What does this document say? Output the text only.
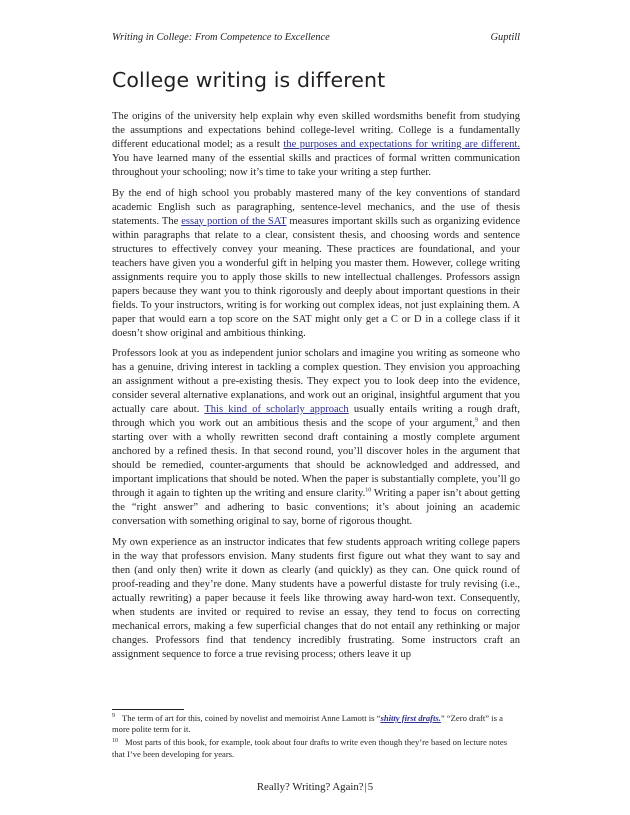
Writing in College: From Competence to Excellence	Guptill
College writing is different

The origins of the university help explain why even skilled wordsmiths benefit from studying the assumptions and expectations behind college-level writing. College is a fundamentally different educational model; as a result the purposes and expectations for writing are different. You have learned many of the essential skills and practices of formal written communication throughout your schooling; now it’s time to take your writing a step further.

By the end of high school you probably mastered many of the key conventions of standard academic English such as paragraphing, sentence-level mechanics, and the use of thesis statements. The essay portion of the SAT measures important skills such as organizing evidence within paragraphs that relate to a clear, consistent thesis, and choosing words and sentence structures to effectively convey your meaning. These practices are foundational, and your teachers have given you a wonderful gift in helping you master them. However, college writing assignments require you to apply those skills to new intellectual challenges. Professors assign papers because they want you to think rigorously and deeply about important questions in their fields. To your instructors, writing is for working out complex ideas, not just explaining them. A paper that would earn a top score on the SAT might only get a C or D in a college class if it doesn’t show original and ambitious thinking.

Professors look at you as independent junior scholars and imagine you writing as someone who has a genuine, driving interest in tackling a complex question. They envision you approaching an assignment without a pre-existing thesis. They expect you to look deep into the evidence, consider several alternative explanations, and work out an original, insightful argument that you actually care about. This kind of scholarly approach usually entails writing a rough draft, through which you work out an ambitious thesis and the scope of your argument,$^9$ and then starting over with a wholly rewritten second draft containing a mostly complete argument anchored by a refined thesis. In that second round, you’ll discover holes in the argument that should be remedied, counter-arguments that should be acknowledged and addressed, and important implications that should be noted. When the paper is substantially complete, you’ll go through it again to tighten up the writing and ensure clarity.$^{10}$ Writing a paper isn’t about getting the “right answer” and adhering to basic conventions; it’s about joining an academic conversation with something original to say, borne of rigorous thought.

My own experience as an instructor indicates that few students approach writing college papers in the way that professors envision. Many students first figure out what they want to say and then (and only then) write it down as clearly (and quickly) as they can. One quick round of proof-reading and they’re done. Many students have a powerful distaste for truly revising (i.e., actually rewriting) a paper because it feels like throwing away hard-won text. Consequently, when students are invited or required to revise an essay, they tend to focus on correcting mechanical errors, making a few superficial changes that do not entail any rethinking or major changes. Professors find that tendency incredibly frustrating. Some instructors craft an assignment sequence to force a true revising process; others leave it up

$^9$ The term of art for this, coined by novelist and memoirist Anne Lamott is “shitty first drafts.” “Zero draft” is a more polite term for it.

$^{10}$ Most parts of this book, for example, took about four drafts to write even though they’re based on lecture notes that I’ve been developing for years.

Really? Writing? Again?|5
